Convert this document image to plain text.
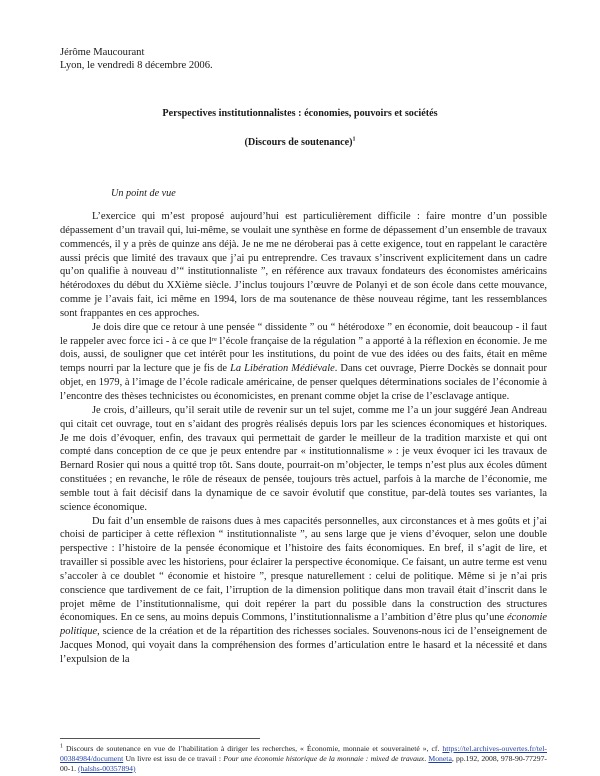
Jérôme Maucourant
Lyon, le vendredi 8 décembre 2006.
Perspectives institutionnalistes : économies, pouvoirs et sociétés
(Discours de soutenance)$^1$
Un point de vue

L’exercice qui m’est proposé aujourd’hui est particulièrement difficile : faire montre d’un possible dépassement d’un travail qui, lui-même, se voulait une synthèse en forme de dépassement d’un ensemble de travaux commencés, il y a près de quinze ans déjà. Je ne me ne déroberai pas à cette exigence, tout en rappelant le caractère aussi précis que limité des travaux que j’ai pu entreprendre. Ces travaux s’inscrivent explicitement dans un cadre qu’on qualifie à nouveau d’“ institutionnaliste ”, en référence aux travaux fondateurs des économistes américains hétérodoxes du début du XXième siècle. J’inclus toujours l’œuvre de Polanyi et de son école dans cette mouvance, comme je l’avais fait, ici même en 1994, lors de ma soutenance de thèse nouveau régime, tant les ressemblances sont frappantes en ces approches.

Je dois dire que ce retour à une pensée “ dissidente ” ou “ hétérodoxe ” en économie, doit beaucoup - il faut le rappeler avec force ici - à ce que lʳᵉ l’école française de la régulation ” a apporté à la réflexion en économie. Je me dois, aussi, de souligner que cet intérêt pour les institutions, du point de vue des idées ou des faits, était en même temps nourri par la lecture que je fis de La Libération Médiévale. Dans cet ouvrage, Pierre Dockès se donnait pour objet, en 1979, à l’image de l’école radicale américaine, de penser quelques déterminations sociales de l’économie à l’encontre des thèses technicistes ou économicistes, en prenant comme objet la crise de l’esclavage antique.

Je crois, d’ailleurs, qu’il serait utile de revenir sur un tel sujet, comme me l’a un jour suggéré Jean Andreau qui citait cet ouvrage, tout en s’aidant des progrès réalisés depuis lors par les sciences économiques et historiques. Je me dois d’évoquer, enfin, des travaux qui permettait de garder le meilleur de la tradition marxiste et qui ont compté dans conception de ce que je peux entendre par « institutionnalisme » : je veux évoquer ici les travaux de Bernard Rosier qui nous a quitté trop tôt. Sans doute, pourrait-on m’objecter, le temps n’est plus aux écoles dûment constituées ; en revanche, le rôle de réseaux de pensée, toujours très actuel, parfois à la marche de l’économie, me semble tout à fait décisif dans la dynamique de ce savoir évolutif que constitue, par-delà toutes ses variantes, la science économique.

Du fait d’un ensemble de raisons dues à mes capacités personnelles, aux circonstances et à mes goûts et j’ai choisi de participer à cette réflexion “ institutionnaliste ”, au sens large que je viens d’évoquer, selon une double perspective : l’histoire de la pensée économique et l’histoire des faits économiques. En bref, il s’agit de lire, et travailler si possible avec les historiens, pour éclairer la perspective économique. Ce faisant, un autre terme est venu s’accoler à ce doublet “ économie et histoire ”, presque naturellement : celui de politique. Même si je n’ai pris conscience que tardivement de ce fait, l’irruption de la dimension politique dans mon travail était d’inscrit dans le projet même de l’institutionnalisme, qui doit repérer la part du possible dans la construction des structures économiques. En ce sens, au moins depuis Commons, l’institutionnalisme a l’ambition d’être plus qu’une économie politique, science de la création et de la répartition des richesses sociales. Souvenons-nous ici de l’enseignement de Jacques Monod, qui voyait dans la compréhension des formes d’articulation entre le hasard et la nécessité et dans l’expulsion de la

$^1$ Discours de soutenance en vue de l’habilitation à diriger les recherches, « Économie, monnaie et souveraineté », cf. https://tel.archives-ouvertes.fr/tel-00384984/document Un livre est issu de ce travail : Pour une économie historique de la monnaie : mixed de travaux. Moneta, pp.192, 2008, 978-90-77297-00-1. (halshs-00357894)
